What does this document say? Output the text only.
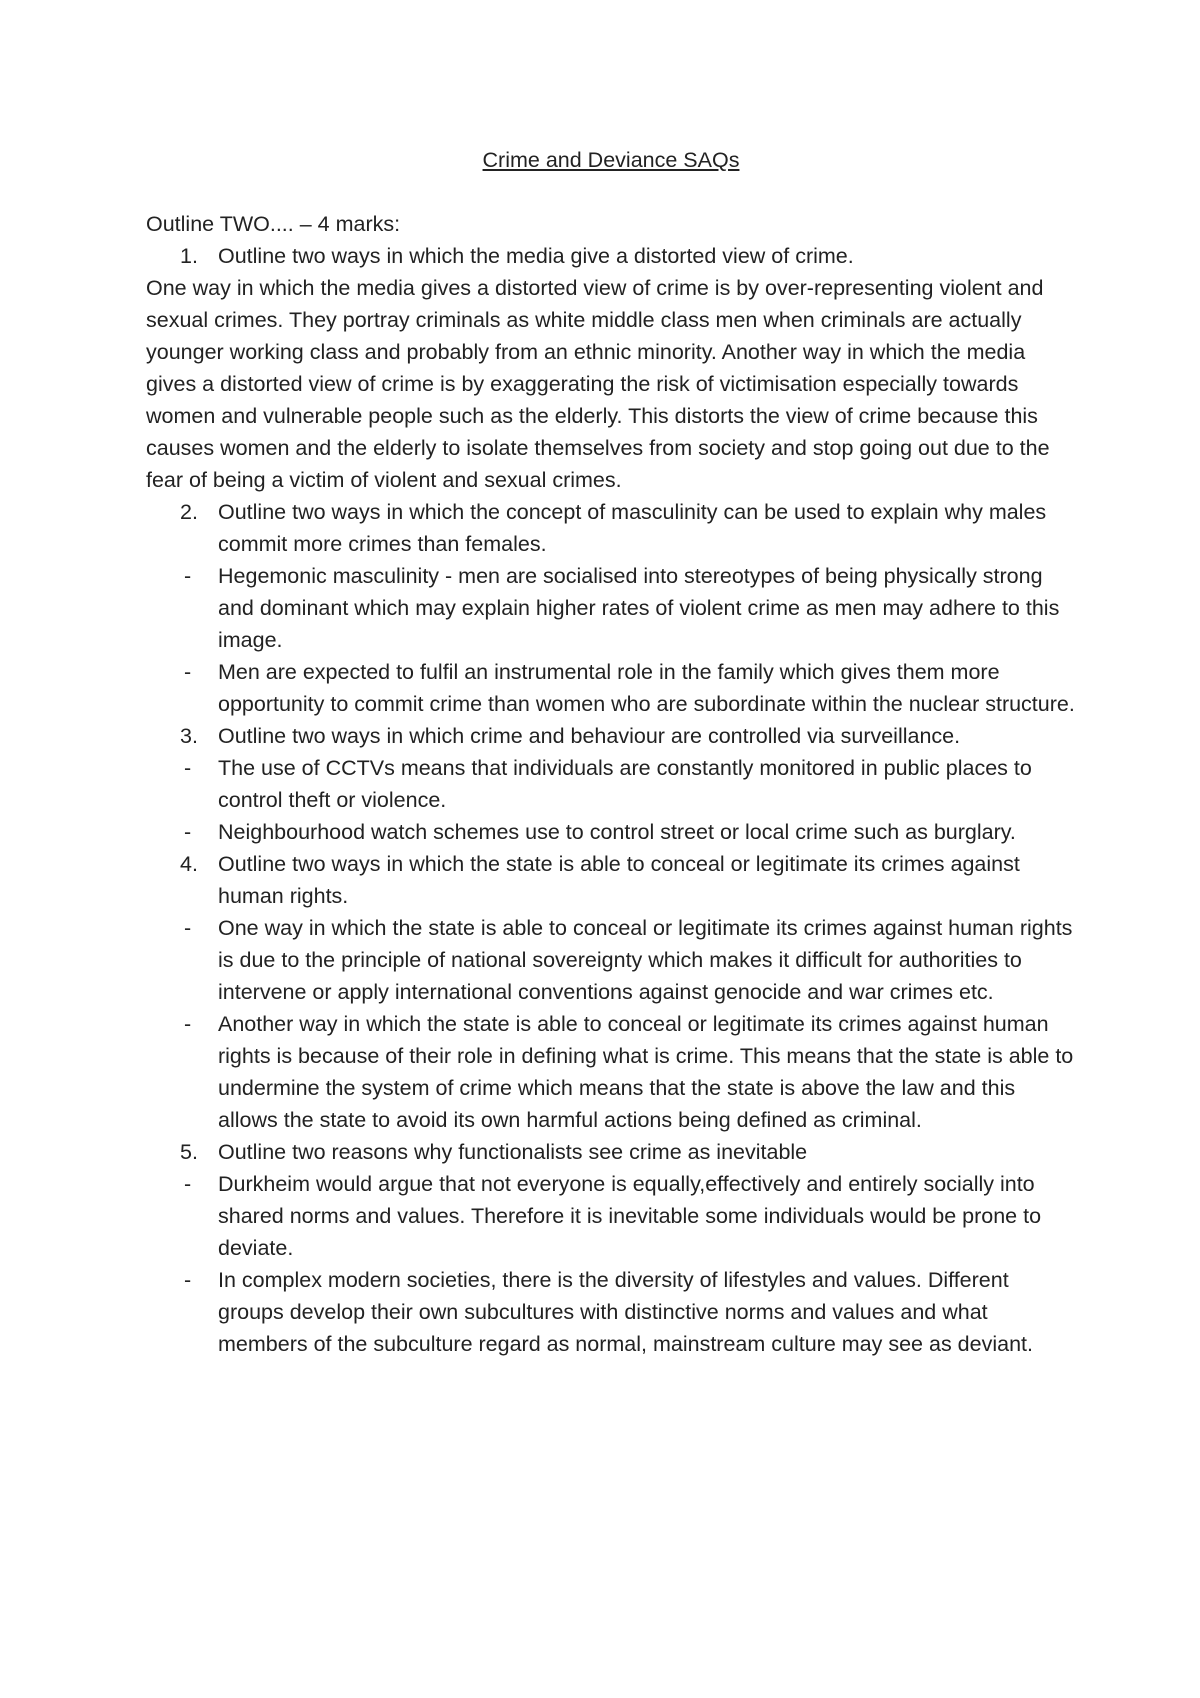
Crime and Deviance SAQs

Outline TWO.... – 4 marks:

1. Outline two ways in which the media give a distorted view of crime.

One way in which the media gives a distorted view of crime is by over-representing violent and sexual crimes. They portray criminals as white middle class men when criminals are actually younger working class and probably from an ethnic minority. Another way in which the media gives a distorted view of crime is by exaggerating the risk of victimisation especially towards women and vulnerable people such as the elderly. This distorts the view of crime because this causes women and the elderly to isolate themselves from society and stop going out due to the fear of being a victim of violent and sexual crimes.

2. Outline two ways in which the concept of masculinity can be used to explain why males commit more crimes than females.

- Hegemonic masculinity - men are socialised into stereotypes of being physically strong and dominant which may explain higher rates of violent crime as men may adhere to this image.

- Men are expected to fulfil an instrumental role in the family which gives them more opportunity to commit crime than women who are subordinate within the nuclear structure.

3. Outline two ways in which crime and behaviour are controlled via surveillance.

- The use of CCTVs means that individuals are constantly monitored in public places to control theft or violence.

- Neighbourhood watch schemes use to control street or local crime such as burglary.

4. Outline two ways in which the state is able to conceal or legitimate its crimes against human rights.

- One way in which the state is able to conceal or legitimate its crimes against human rights is due to the principle of national sovereignty which makes it difficult for authorities to intervene or apply international conventions against genocide and war crimes etc.

- Another way in which the state is able to conceal or legitimate its crimes against human rights is because of their role in defining what is crime. This means that the state is able to undermine the system of crime which means that the state is above the law and this allows the state to avoid its own harmful actions being defined as criminal.

5. Outline two reasons why functionalists see crime as inevitable

- Durkheim would argue that not everyone is equally,effectively and entirely socially into shared norms and values. Therefore it is inevitable some individuals would be prone to deviate.

- In complex modern societies, there is the diversity of lifestyles and values. Different groups develop their own subcultures with distinctive norms and values and what members of the subculture regard as normal, mainstream culture may see as deviant.
